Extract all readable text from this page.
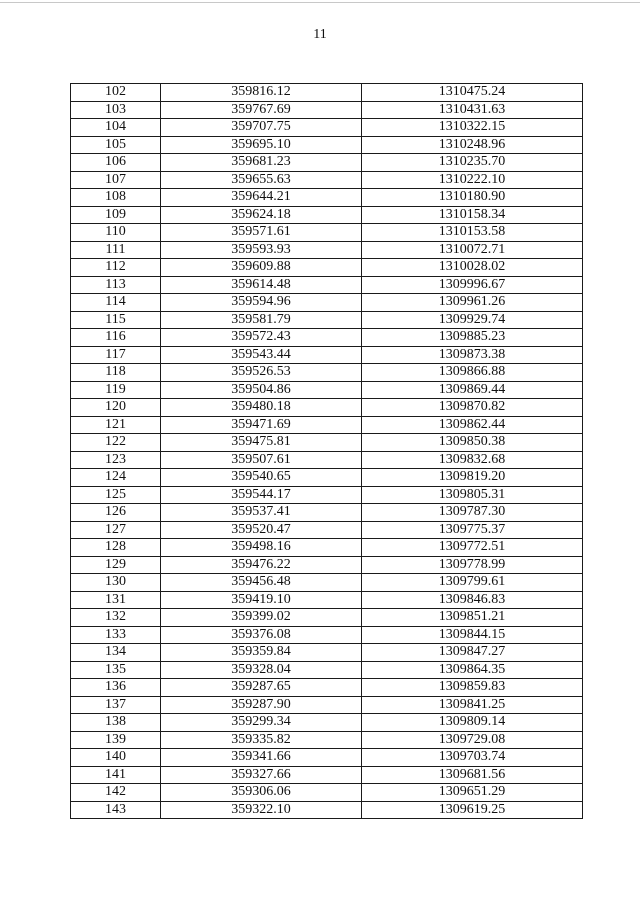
11
102	359816.12	1310475.24
103	359767.69	1310431.63
104	359707.75	1310322.15
105	359695.10	1310248.96
106	359681.23	1310235.70
107	359655.63	1310222.10
108	359644.21	1310180.90
109	359624.18	1310158.34
110	359571.61	1310153.58
111	359593.93	1310072.71
112	359609.88	1310028.02
113	359614.48	1309996.67
114	359594.96	1309961.26
115	359581.79	1309929.74
116	359572.43	1309885.23
117	359543.44	1309873.38
118	359526.53	1309866.88
119	359504.86	1309869.44
120	359480.18	1309870.82
121	359471.69	1309862.44
122	359475.81	1309850.38
123	359507.61	1309832.68
124	359540.65	1309819.20
125	359544.17	1309805.31
126	359537.41	1309787.30
127	359520.47	1309775.37
128	359498.16	1309772.51
129	359476.22	1309778.99
130	359456.48	1309799.61
131	359419.10	1309846.83
132	359399.02	1309851.21
133	359376.08	1309844.15
134	359359.84	1309847.27
135	359328.04	1309864.35
136	359287.65	1309859.83
137	359287.90	1309841.25
138	359299.34	1309809.14
139	359335.82	1309729.08
140	359341.66	1309703.74
141	359327.66	1309681.56
142	359306.06	1309651.29
143	359322.10	1309619.25
